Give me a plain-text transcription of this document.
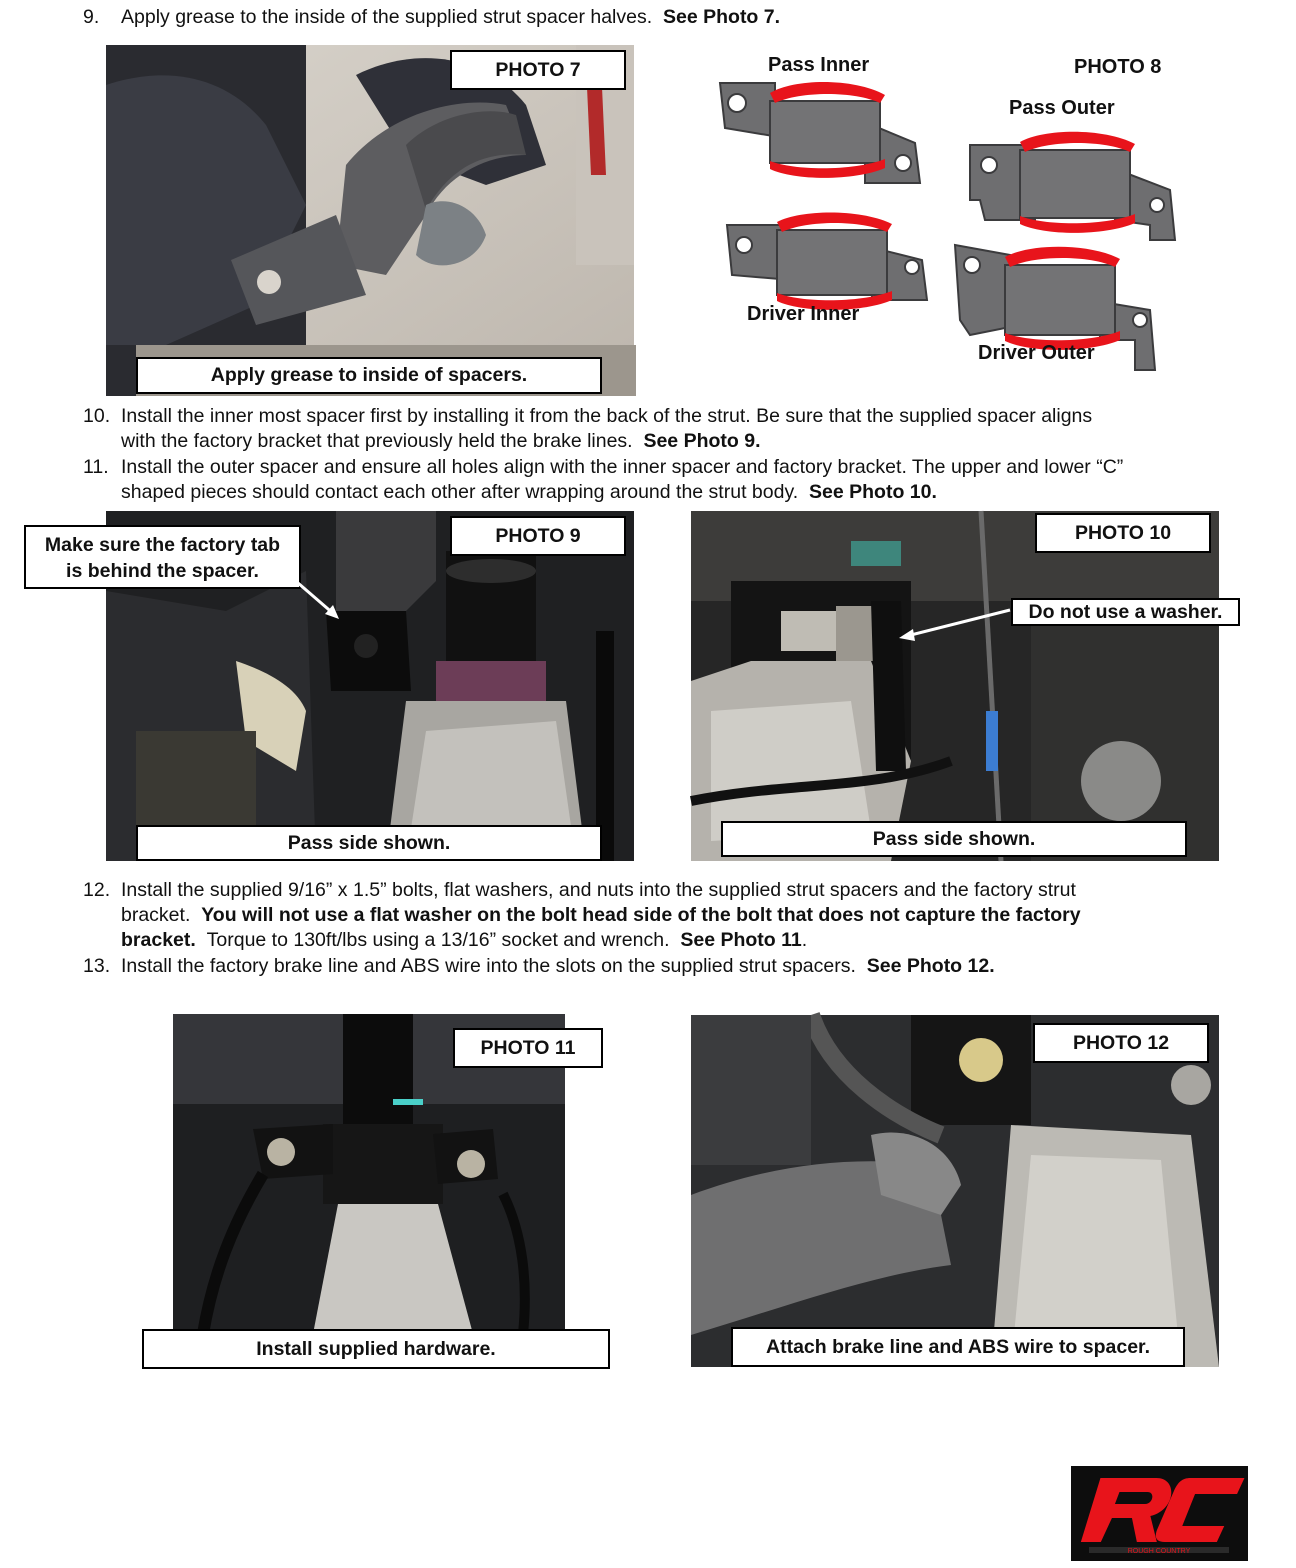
9. Apply grease to the inside of the supplied strut spacer halves. See Photo 7.
PHOTO 7
Apply grease to inside of spacers.
Pass Inner	PHOTO 8
Pass Outer
Driver Inner
Driver Outer
10. Install the inner most spacer first by installing it from the back of the strut. Be sure that the supplied spacer aligns
with the factory bracket that previously held the brake lines. See Photo 9.
11. Install the outer spacer and ensure all holes align with the inner spacer and factory bracket. The upper and lower “C”
shaped pieces should contact each other after wrapping around the strut body. See Photo 10.
PHOTO 9
Pass side shown.
Make sure the factory tab
is behind the spacer.
PHOTO 10
Pass side shown.
Do not use a washer.
12. Install the supplied 9/16” x 1.5” bolts, flat washers, and nuts into the supplied strut spacers and the factory strut
bracket. You will not use a flat washer on the bolt head side of the bolt that does not capture the factory
bracket. Torque to 130ft/lbs using a 13/16” socket and wrench. See Photo 11.
13. Install the factory brake line and ABS wire into the slots on the supplied strut spacers. See Photo 12.
PHOTO 11
Install supplied hardware.
PHOTO 12
Attach brake line and ABS wire to spacer.
ROUGH COUNTRY
